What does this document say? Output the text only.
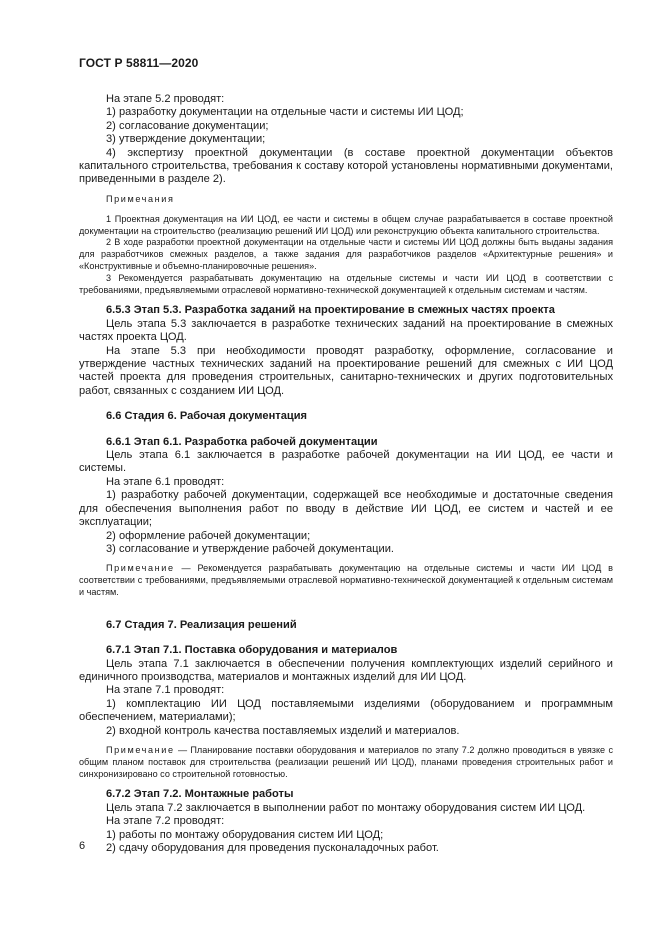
ГОСТ Р 58811—2020

На этапе 5.2 проводят:

1) разработку документации на отдельные части и системы ИИ ЦОД;

2) согласование документации;

3) утверждение документации;

4) экспертизу проектной документации (в составе проектной документации объектов капитального строительства, требования к составу которой установлены нормативными документами, приведенными в разделе 2).

Примечания

1 Проектная документация на ИИ ЦОД, ее части и системы в общем случае разрабатывается в составе проектной документации на строительство (реализацию решений ИИ ЦОД) или реконструкцию объекта капитального строительства.

2 В ходе разработки проектной документации на отдельные части и системы ИИ ЦОД должны быть выданы задания для разработчиков смежных разделов, а также задания для разработчиков разделов «Архитектурные решения» и «Конструктивные и объемно-планировочные решения».

3 Рекомендуется разрабатывать документацию на отдельные системы и части ИИ ЦОД в соответствии с требованиями, предъявляемыми отраслевой нормативно-технической документацией к отдельным системам и частям.

6.5.3 Этап 5.3. Разработка заданий на проектирование в смежных частях проекта

Цель этапа 5.3 заключается в разработке технических заданий на проектирование в смежных частях проекта ЦОД.

На этапе 5.3 при необходимости проводят разработку, оформление, согласование и утверждение частных технических заданий на проектирование решений для смежных с ИИ ЦОД частей проекта для проведения строительных, санитарно-технических и других подготовительных работ, связанных с созданием ИИ ЦОД.

6.6 Стадия 6. Рабочая документация

6.6.1 Этап 6.1. Разработка рабочей документации

Цель этапа 6.1 заключается в разработке рабочей документации на ИИ ЦОД, ее части и системы.

На этапе 6.1 проводят:

1) разработку рабочей документации, содержащей все необходимые и достаточные сведения для обеспечения выполнения работ по вводу в действие ИИ ЦОД, ее систем и частей и ее эксплуатации;

2) оформление рабочей документации;

3) согласование и утверждение рабочей документации.

Примечание — Рекомендуется разрабатывать документацию на отдельные системы и части ИИ ЦОД в соответствии с требованиями, предъявляемыми отраслевой нормативно-технической документацией к отдельным системам и частям.

6.7 Стадия 7. Реализация решений

6.7.1 Этап 7.1. Поставка оборудования и материалов

Цель этапа 7.1 заключается в обеспечении получения комплектующих изделий серийного и единичного производства, материалов и монтажных изделий для ИИ ЦОД.

На этапе 7.1 проводят:

1) комплектацию ИИ ЦОД поставляемыми изделиями (оборудованием и программным обеспечением, материалами);

2) входной контроль качества поставляемых изделий и материалов.

Примечание — Планирование поставки оборудования и материалов по этапу 7.2 должно проводиться в увязке с общим планом поставок для строительства (реализации решений ИИ ЦОД), планами проведения строительных работ и синхронизировано со строительной готовностью.

6.7.2 Этап 7.2. Монтажные работы

Цель этапа 7.2 заключается в выполнении работ по монтажу оборудования систем ИИ ЦОД.

На этапе 7.2 проводят:

1) работы по монтажу оборудования систем ИИ ЦОД;

2) сдачу оборудования для проведения пусконаладочных работ.

6
